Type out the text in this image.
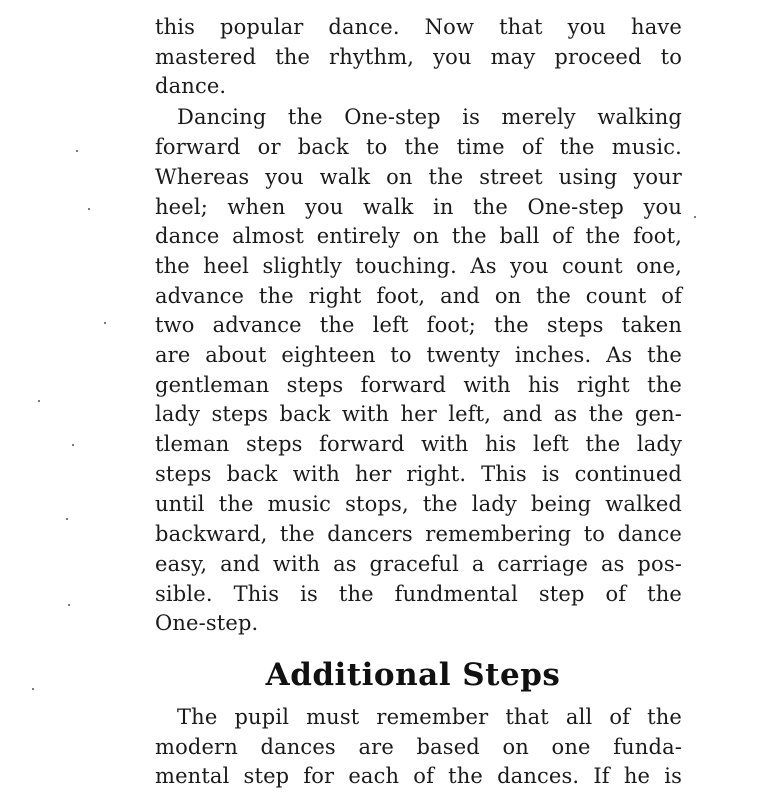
this popular dance. Now that you have
mastered the rhythm, you may proceed to
dance.
Dancing the One-step is merely walking
forward or back to the time of the music.
Whereas you walk on the street using your
heel; when you walk in the One-step you
dance almost entirely on the ball of the foot,
the heel slightly touching. As you count one,
advance the right foot, and on the count of
two advance the left foot; the steps taken
are about eighteen to twenty inches. As the
gentleman steps forward with his right the
lady steps back with her left, and as the gen-
tleman steps forward with his left the lady
steps back with her right. This is continued
until the music stops, the lady being walked
backward, the dancers remembering to dance
easy, and with as graceful a carriage as pos-
sible. This is the fundmental step of the
One-step.
Additional Steps
The pupil must remember that all of the
modern dances are based on one funda-
mental step for each of the dances. If he is
